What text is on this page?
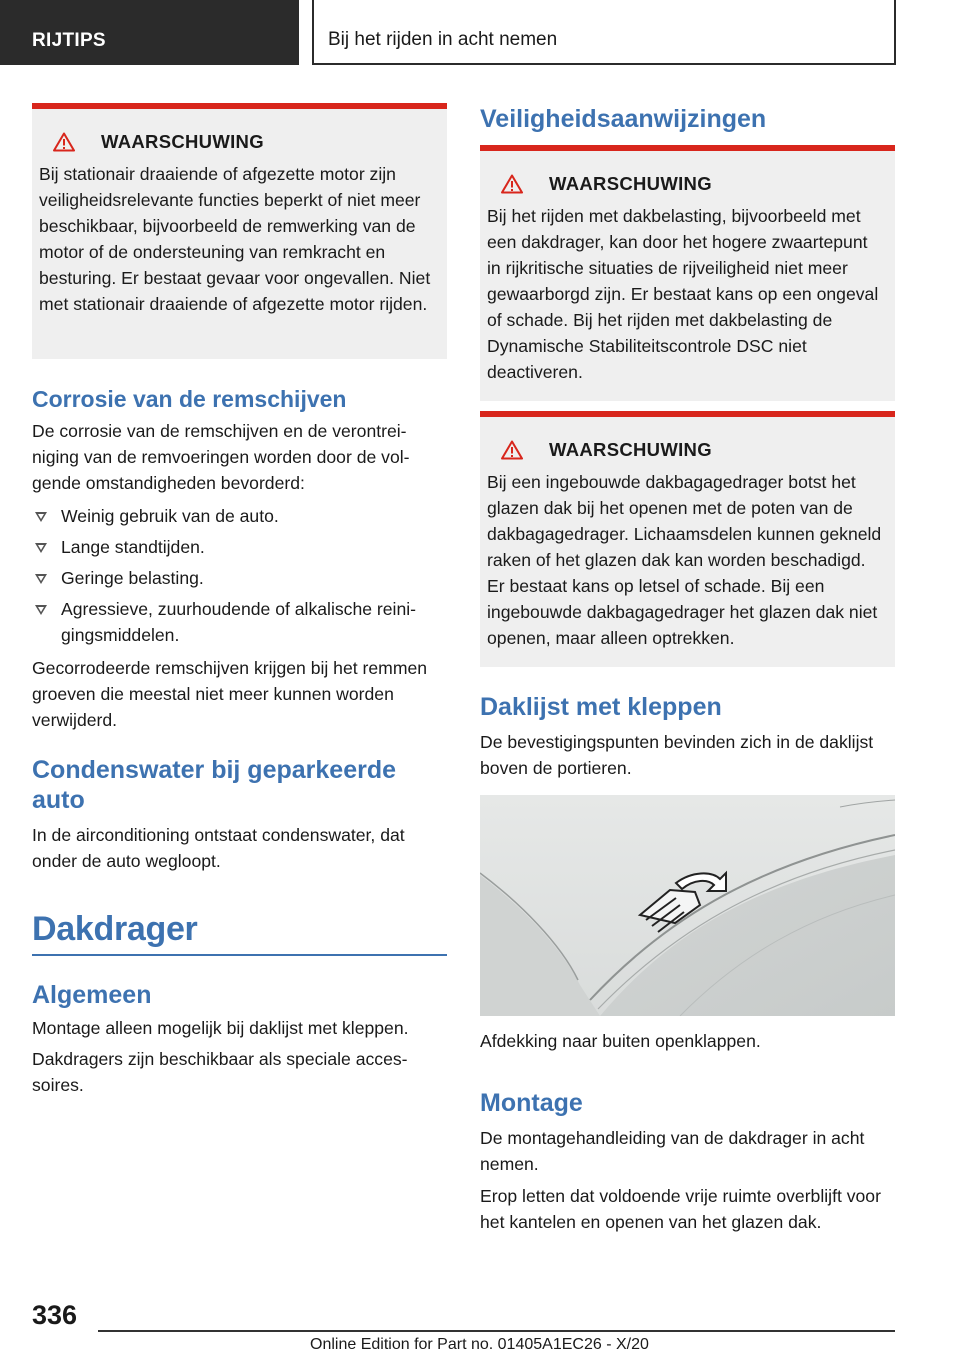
RIJTIPS	Bij het rijden in acht nemen
WAARSCHUWING
Bij stationair draaiende of afgezette motor zijn veiligheidsrelevante functies beperkt of niet meer beschikbaar, bijvoorbeeld de remwerking van de motor of de ondersteuning van remkracht en besturing. Er bestaat gevaar voor ongevallen. Niet met stationair draaiende of afgezette motor rijden.
Corrosie van de remschijven
De corrosie van de remschijven en de verontreiniging van de remvoeringen worden door de volgende omstandigheden bevorderd:
Weinig gebruik van de auto.
Lange standtijden.
Geringe belasting.
Agressieve, zuurhoudende of alkalische reinigingsmiddelen.
Gecorrodeerde remschijven krijgen bij het remmen groeven die meestal niet meer kunnen worden verwijderd.
Condenswater bij geparkeerde auto
In de airconditioning ontstaat condenswater, dat onder de auto wegloopt.
Dakdrager
Algemeen
Montage alleen mogelijk bij daklijst met kleppen.
Dakdragers zijn beschikbaar als speciale accessoires.
Veiligheidsaanwijzingen
WAARSCHUWING
Bij het rijden met dakbelasting, bijvoorbeeld met een dakdrager, kan door het hogere zwaartepunt in rijkritische situaties de rijveiligheid niet meer gewaarborgd zijn. Er bestaat kans op een ongeval of schade. Bij het rijden met dakbelasting de Dynamische Stabiliteitscontrole DSC niet deactiveren.
WAARSCHUWING
Bij een ingebouwde dakbagagedrager botst het glazen dak bij het openen met de poten van de dakbagagedrager. Lichaamsdelen kunnen gekneld raken of het glazen dak kan worden beschadigd. Er bestaat kans op letsel of schade. Bij een ingebouwde dakbagagedrager het glazen dak niet openen, maar alleen optrekken.
Daklijst met kleppen
De bevestigingspunten bevinden zich in de daklijst boven de portieren.
Afdekking naar buiten openklappen.
Montage
De montagehandleiding van de dakdrager in acht nemen.
Erop letten dat voldoende vrije ruimte overblijft voor het kantelen en openen van het glazen dak.
336
Online Edition for Part no. 01405A1EC26 - X/20
